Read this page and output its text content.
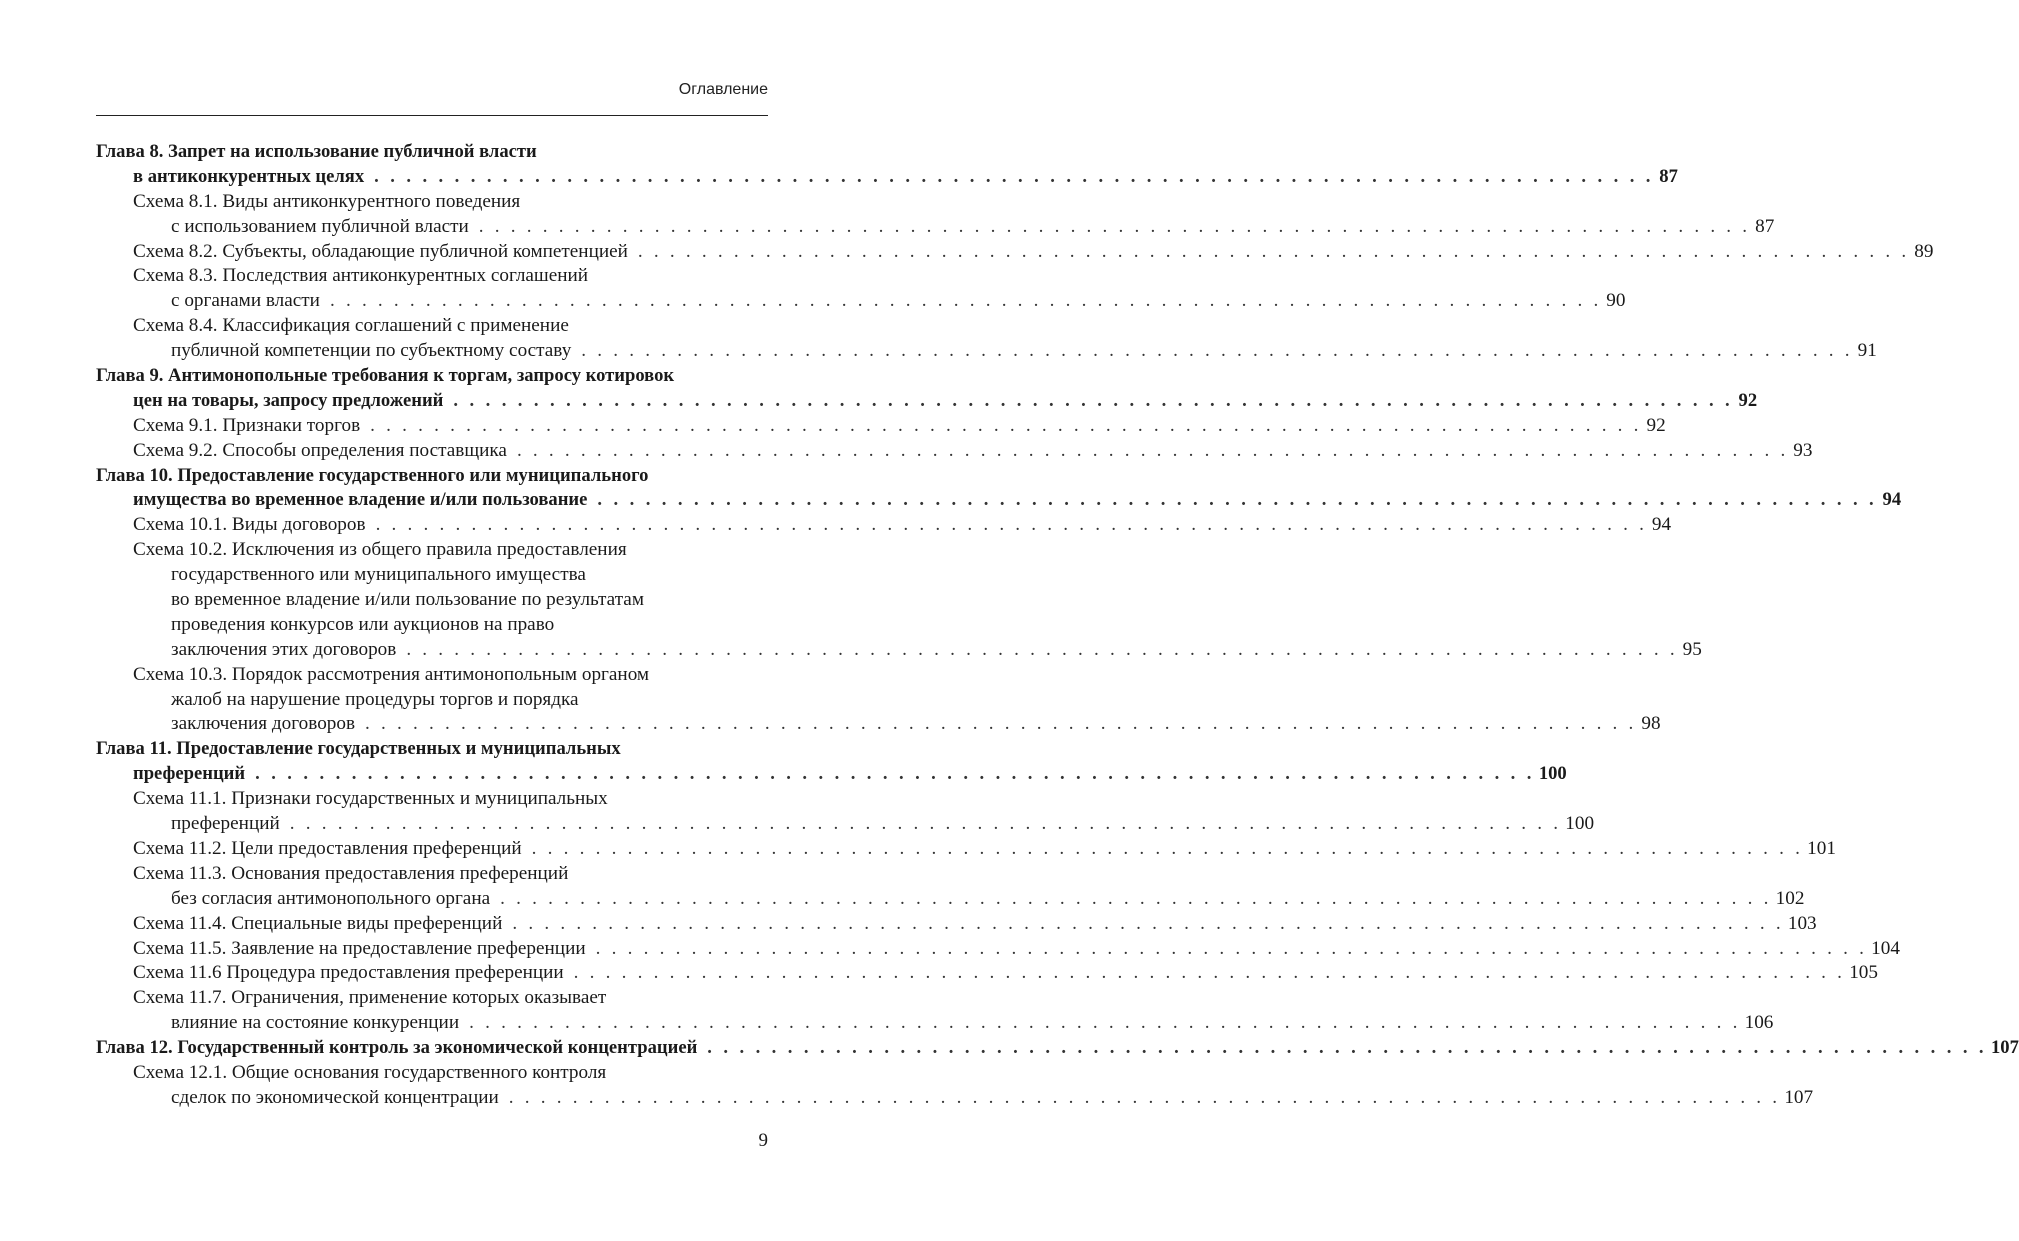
Оглавление
Глава 8. Запрет на использование публичной власти
в антиконкурентных целях . . . . . . . . . . . . . . . . . . . . . . . . . . . . . . . . . . . . . . . . . . . . . . . . . . . . . . . . . . . . . . . . . . . . . . . . . . . . . . . . 87
Схема 8.1. Виды антиконкурентного поведения
с использованием публичной власти . . . . . . . . . . . . . . . . . . . . . . . . . . . . . . . . . . . . . . . . . . . . . . . . . . . . . . . . . . . . . . . . . . . . . . . . . . . . . . . . 87
Схема 8.2. Субъекты, обладающие публичной компетенцией . . . . . . . . . . . . . . . . . . . . . . . . . . . . . . . . . . . . . . . . . . . . . . . . . . . . . . . . . . . . . . . . . . . . . . . . . . . . . . . . 89
Схема 8.3. Последствия антиконкурентных соглашений
с органами власти . . . . . . . . . . . . . . . . . . . . . . . . . . . . . . . . . . . . . . . . . . . . . . . . . . . . . . . . . . . . . . . . . . . . . . . . . . . . . . . . 90
Схема 8.4. Классификация соглашений с применение
публичной компетенции по субъектному составу . . . . . . . . . . . . . . . . . . . . . . . . . . . . . . . . . . . . . . . . . . . . . . . . . . . . . . . . . . . . . . . . . . . . . . . . . . . . . . . . 91
Глава 9. Антимонопольные требования к торгам, запросу котировок
цен на товары, запросу предложений . . . . . . . . . . . . . . . . . . . . . . . . . . . . . . . . . . . . . . . . . . . . . . . . . . . . . . . . . . . . . . . . . . . . . . . . . . . . . . . . 92
Схема 9.1. Признаки торгов . . . . . . . . . . . . . . . . . . . . . . . . . . . . . . . . . . . . . . . . . . . . . . . . . . . . . . . . . . . . . . . . . . . . . . . . . . . . . . . . 92
Схема 9.2. Способы определения поставщика . . . . . . . . . . . . . . . . . . . . . . . . . . . . . . . . . . . . . . . . . . . . . . . . . . . . . . . . . . . . . . . . . . . . . . . . . . . . . . . . 93
Глава 10. Предоставление государственного или муниципального
имущества во временное владение и/или пользование . . . . . . . . . . . . . . . . . . . . . . . . . . . . . . . . . . . . . . . . . . . . . . . . . . . . . . . . . . . . . . . . . . . . . . . . . . . . . . . . 94
Схема 10.1. Виды договоров . . . . . . . . . . . . . . . . . . . . . . . . . . . . . . . . . . . . . . . . . . . . . . . . . . . . . . . . . . . . . . . . . . . . . . . . . . . . . . . . 94
Схема 10.2. Исключения из общего правила предоставления
государственного или муниципального имущества
во временное владение и/или пользование по результатам
проведения конкурсов или аукционов на право
заключения этих договоров . . . . . . . . . . . . . . . . . . . . . . . . . . . . . . . . . . . . . . . . . . . . . . . . . . . . . . . . . . . . . . . . . . . . . . . . . . . . . . . . 95
Схема 10.3. Порядок рассмотрения антимонопольным органом
жалоб на нарушение процедуры торгов и порядка
заключения договоров . . . . . . . . . . . . . . . . . . . . . . . . . . . . . . . . . . . . . . . . . . . . . . . . . . . . . . . . . . . . . . . . . . . . . . . . . . . . . . . . 98
Глава 11. Предоставление государственных и муниципальных
преференций . . . . . . . . . . . . . . . . . . . . . . . . . . . . . . . . . . . . . . . . . . . . . . . . . . . . . . . . . . . . . . . . . . . . . . . . . . . . . . . . 100
Схема 11.1. Признаки государственных и муниципальных
преференций . . . . . . . . . . . . . . . . . . . . . . . . . . . . . . . . . . . . . . . . . . . . . . . . . . . . . . . . . . . . . . . . . . . . . . . . . . . . . . . . 100
Схема 11.2. Цели предоставления преференций . . . . . . . . . . . . . . . . . . . . . . . . . . . . . . . . . . . . . . . . . . . . . . . . . . . . . . . . . . . . . . . . . . . . . . . . . . . . . . . . 101
Схема 11.3. Основания предоставления преференций
без согласия антимонопольного органа . . . . . . . . . . . . . . . . . . . . . . . . . . . . . . . . . . . . . . . . . . . . . . . . . . . . . . . . . . . . . . . . . . . . . . . . . . . . . . . . 102
Схема 11.4. Специальные виды преференций . . . . . . . . . . . . . . . . . . . . . . . . . . . . . . . . . . . . . . . . . . . . . . . . . . . . . . . . . . . . . . . . . . . . . . . . . . . . . . . . 103
Схема 11.5. Заявление на предоставление преференции . . . . . . . . . . . . . . . . . . . . . . . . . . . . . . . . . . . . . . . . . . . . . . . . . . . . . . . . . . . . . . . . . . . . . . . . . . . . . . . . 104
Схема 11.6 Процедура предоставления преференции . . . . . . . . . . . . . . . . . . . . . . . . . . . . . . . . . . . . . . . . . . . . . . . . . . . . . . . . . . . . . . . . . . . . . . . . . . . . . . . . 105
Схема 11.7. Ограничения, применение которых оказывает
влияние на состояние конкуренции . . . . . . . . . . . . . . . . . . . . . . . . . . . . . . . . . . . . . . . . . . . . . . . . . . . . . . . . . . . . . . . . . . . . . . . . . . . . . . . . 106
Глава 12. Государственный контроль за экономической концентрацией . . . . . . . . . . . . . . . . . . . . . . . . . . . . . . . . . . . . . . . . . . . . . . . . . . . . . . . . . . . . . . . . . . . . . . . . . . . . . . . . 107
Схема 12.1. Общие основания государственного контроля
сделок по экономической концентрации . . . . . . . . . . . . . . . . . . . . . . . . . . . . . . . . . . . . . . . . . . . . . . . . . . . . . . . . . . . . . . . . . . . . . . . . . . . . . . . . 107
9
